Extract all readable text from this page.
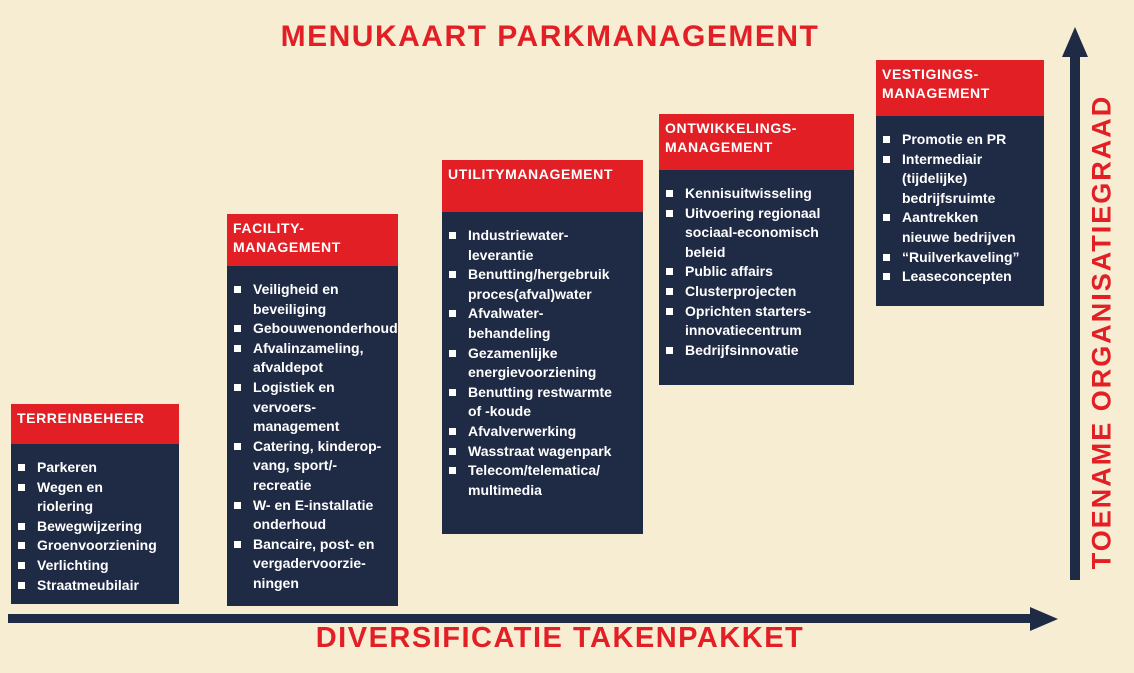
MENUKAART PARKMANAGEMENT
TOENAME ORGANISATIEGRAAD
DIVERSIFICATIE TAKENPAKKET
TERREINBEHEER
Parkeren
Wegen en
riolering
Bewegwijzering
Groenvoorziening
Verlichting
Straatmeubilair
FACILITY-
MANAGEMENT
Veiligheid en
beveiliging
Gebouwenonderhoud
Afvalinzameling,
afvaldepot
Logistiek en vervoers-
management
Catering, kinderop-
vang, sport/-recreatie
W- en E-installatie
onderhoud
Bancaire, post- en
vergadervoorzie-
ningen
UTILITYMANAGEMENT
Industriewater-
leverantie
Benutting/hergebruik
proces(afval)water
Afvalwater-
behandeling
Gezamenlijke
energievoorziening
Benutting restwarmte
of -koude
Afvalverwerking
Wasstraat wagenpark
Telecom/telematica/
multimedia
ONTWIKKELINGS-
MANAGEMENT
Kennisuitwisseling
Uitvoering regionaal
sociaal-economisch
beleid
Public affairs
Clusterprojecten
Oprichten starters-
innovatiecentrum
Bedrijfsinnovatie
VESTIGINGS-
MANAGEMENT
Promotie en PR
Intermediair
(tijdelijke)
bedrijfsruimte
Aantrekken
nieuwe bedrijven
“Ruilverkaveling”
Leaseconcepten
